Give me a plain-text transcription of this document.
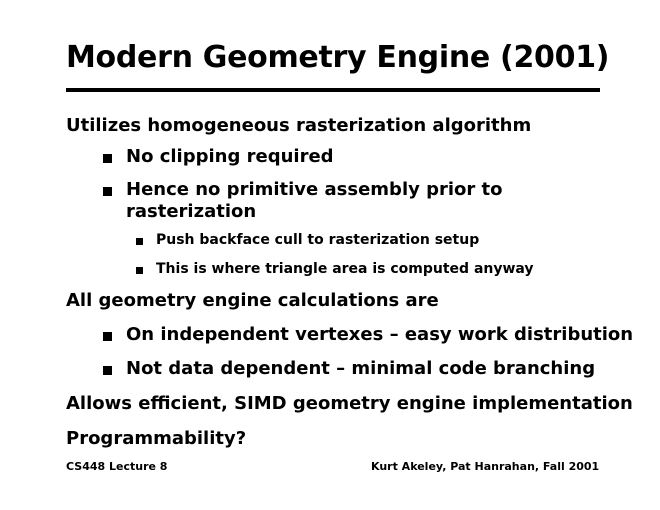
Modern Geometry Engine (2001)
Utilizes homogeneous rasterization algorithm
No clipping required
Hence no primitive assembly prior to
rasterization
Push backface cull to rasterization setup
This is where triangle area is computed anyway
All geometry engine calculations are
On independent vertexes – easy work distribution
Not data dependent – minimal code branching
Allows efficient, SIMD geometry engine implementation
Programmability?
CS448 Lecture 8	Kurt Akeley, Pat Hanrahan, Fall 2001
